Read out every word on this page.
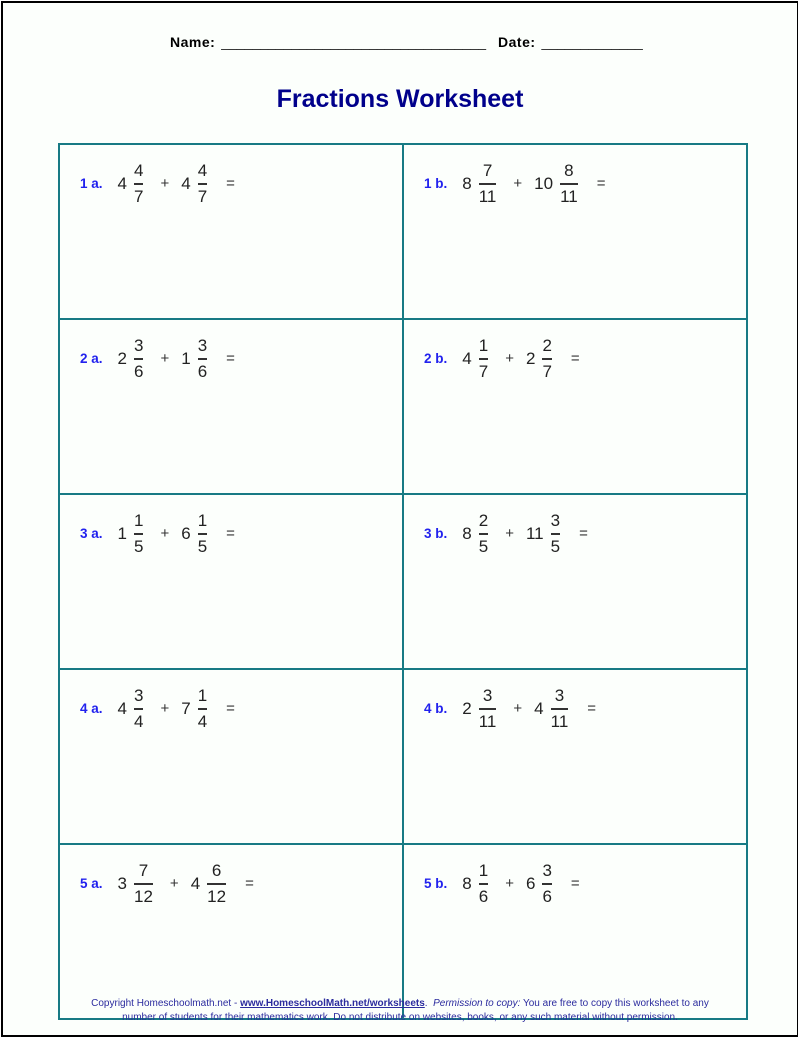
Name: __________________________________ Date: _____________
Fractions Worksheet
1 a. $4 \frac{4}{7} + 4 \frac{4}{7}$ =	1 b. $8 \frac{7}{11} + 10 \frac{8}{11}$ =

2 a. $2 \frac{3}{6} + 1 \frac{3}{6}$ =	2 b. $4 \frac{1}{7} + 2 \frac{2}{7}$ =

3 a. $1 \frac{1}{5} + 6 \frac{1}{5}$ =	3 b. $8 \frac{2}{5} + 11 \frac{3}{5}$ =

4 a. $4 \frac{3}{4} + 7 \frac{1}{4}$ =	4 b. $2 \frac{3}{11} + 4 \frac{3}{11}$ =

5 a. $3 \frac{7}{12} + 4 \frac{6}{12}$ =	5 b. $8 \frac{1}{6} + 6 \frac{3}{6}$ =
Copyright Homeschoolmath.net - www.HomeschoolMath.net/worksheets.  Permission to copy: You are free to copy this worksheet to any number of students for their mathematics work. Do not distribute on websites, books, or any such material without permission.
